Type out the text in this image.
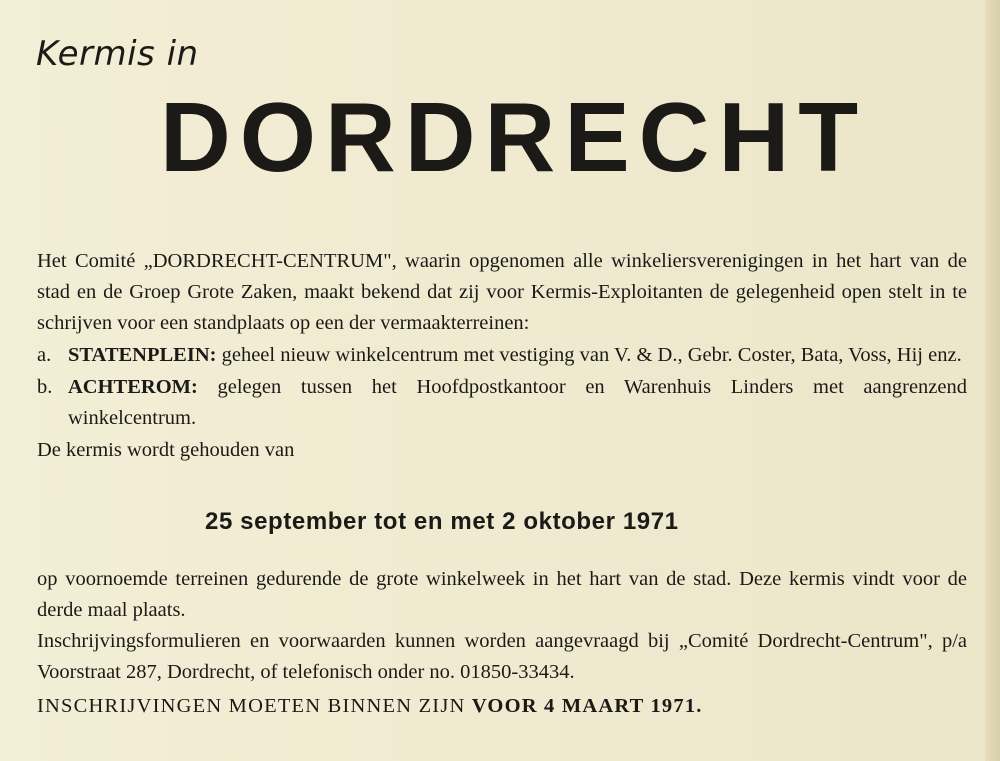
Kermis in
DORDRECHT

Het Comité „DORDRECHT-CENTRUM", waarin opgenomen alle winkeliersverenigingen in het hart van de stad en de Groep Grote Zaken, maakt bekend dat zij voor Kermis-Exploitanten de gelegenheid open stelt in te schrijven voor een standplaats op een der vermaakterreinen:

a. STATENPLEIN: geheel nieuw winkelcentrum met vestiging van V. & D., Gebr. Coster, Bata, Voss, Hij enz.
b. ACHTEROM: gelegen tussen het Hoofdpostkantoor en Warenhuis Linders met aangrenzend winkelcentrum.

De kermis wordt gehouden van

25 september tot en met 2 oktober 1971

op voornoemde terreinen gedurende de grote winkelweek in het hart van de stad. Deze kermis vindt voor de derde maal plaats.

Inschrijvingsformulieren en voorwaarden kunnen worden aangevraagd bij „Comité Dordrecht-Centrum", p/a Voorstraat 287, Dordrecht, of telefonisch onder no. 01850-33434.

INSCHRIJVINGEN MOETEN BINNEN ZIJN VOOR 4 MAART 1971.
